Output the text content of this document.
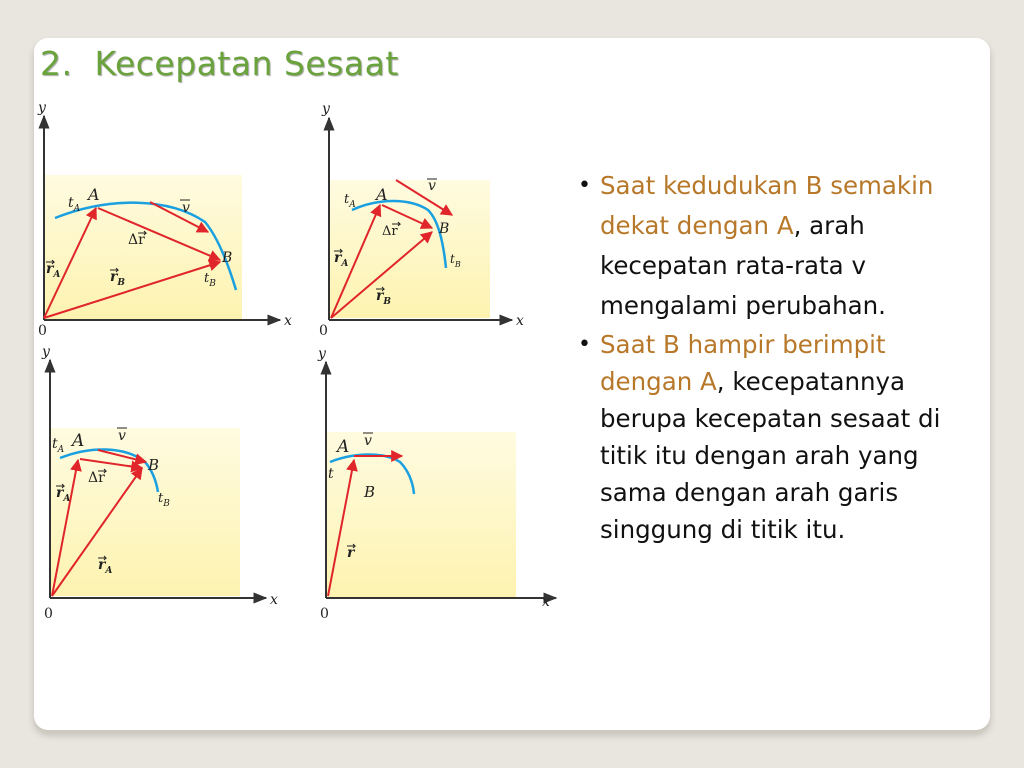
2. Kecepatan Sesaat
y
x
0
$t_A$
A
v
Δr
B
$t_B$
$r_A$	$r_B$
y
x
0
$t_A$
A	v
Δr	B
$t_B$
$r_A$
$r_B$
y
x
0
$t_A$ A v
Δr
B
$t_B$
$r_A$
$r_A$
y
x
0
A v
t
B
r
• Saat kedudukan B semakin dekat dengan A, arah kecepatan rata-rata v mengalami perubahan.
• Saat B hampir berimpit dengan A, kecepatannya berupa kecepatan sesaat di titik itu dengan arah yang sama dengan arah garis singgung di titik itu.
